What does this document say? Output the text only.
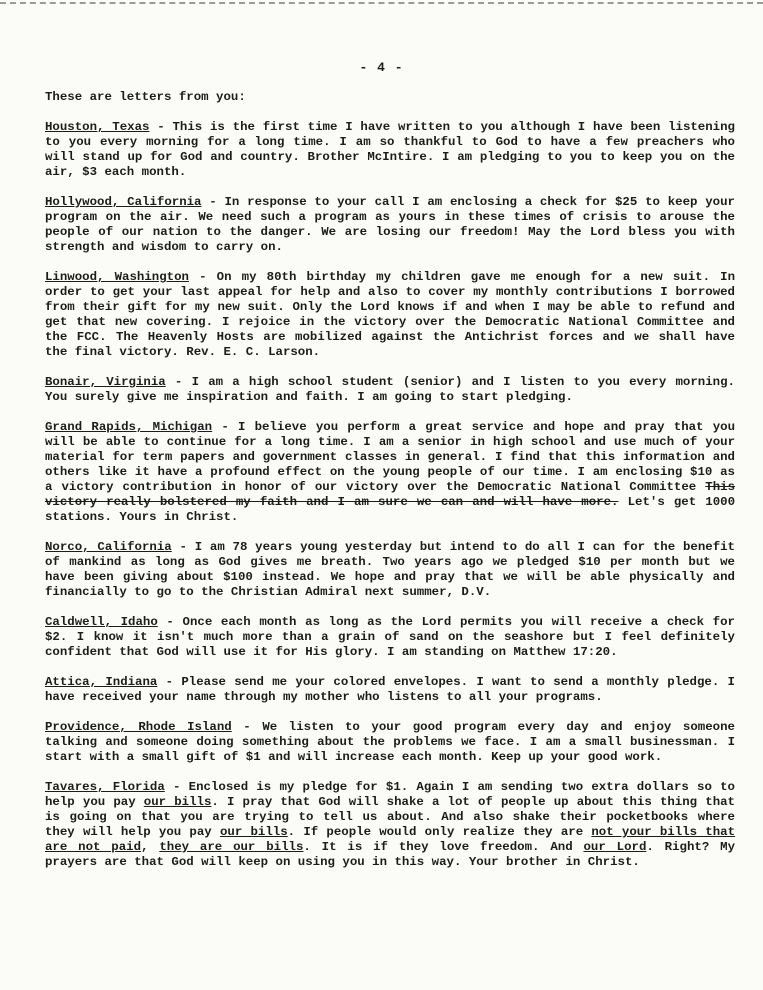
- 4 -

These are letters from you:

Houston, Texas - This is the first time I have written to you although I have been listening to you every morning for a long time. I am so thankful to God to have a few preachers who will stand up for God and country. Brother McIntire. I am pledging to you to keep you on the air, $3 each month.

Hollywood, California - In response to your call I am enclosing a check for $25 to keep your program on the air. We need such a program as yours in these times of crisis to arouse the people of our nation to the danger. We are losing our freedom! May the Lord bless you with strength and wisdom to carry on.

Linwood, Washington - On my 80th birthday my children gave me enough for a new suit. In order to get your last appeal for help and also to cover my monthly contributions I borrowed from their gift for my new suit. Only the Lord knows if and when I may be able to refund and get that new covering. I rejoice in the victory over the Democratic National Committee and the FCC. The Heavenly Hosts are mobilized against the Antichrist forces and we shall have the final victory. Rev. E. C. Larson.

Bonair, Virginia - I am a high school student (senior) and I listen to you every morning. You surely give me inspiration and faith. I am going to start pledging.

Grand Rapids, Michigan - I believe you perform a great service and hope and pray that you will be able to continue for a long time. I am a senior in high school and use much of your material for term papers and government classes in general. I find that this information and others like it have a profound effect on the young people of our time. I am enclosing $10 as a victory contribution in honor of our victory over the Democratic National Committee This victory really bolstered my faith and I am sure we can and will have more. Let's get 1000 stations. Yours in Christ.

Norco, California - I am 78 years young yesterday but intend to do all I can for the benefit of mankind as long as God gives me breath. Two years ago we pledged $10 per month but we have been giving about $100 instead. We hope and pray that we will be able physically and financially to go to the Christian Admiral next summer, D.V.

Caldwell, Idaho - Once each month as long as the Lord permits you will receive a check for $2. I know it isn't much more than a grain of sand on the seashore but I feel definitely confident that God will use it for His glory. I am standing on Matthew 17:20.

Attica, Indiana - Please send me your colored envelopes. I want to send a monthly pledge. I have received your name through my mother who listens to all your programs.

Providence, Rhode Island - We listen to your good program every day and enjoy someone talking and someone doing something about the problems we face. I am a small businessman. I start with a small gift of $1 and will increase each month. Keep up your good work.

Tavares, Florida - Enclosed is my pledge for $1. Again I am sending two extra dollars so to help you pay our bills. I pray that God will shake a lot of people up about this thing that is going on that you are trying to tell us about. And also shake their pocketbooks where they will help you pay our bills. If people would only realize they are not your bills that are not paid, they are our bills. It is if they love freedom. And our Lord. Right? My prayers are that God will keep on using you in this way. Your brother in Christ.
